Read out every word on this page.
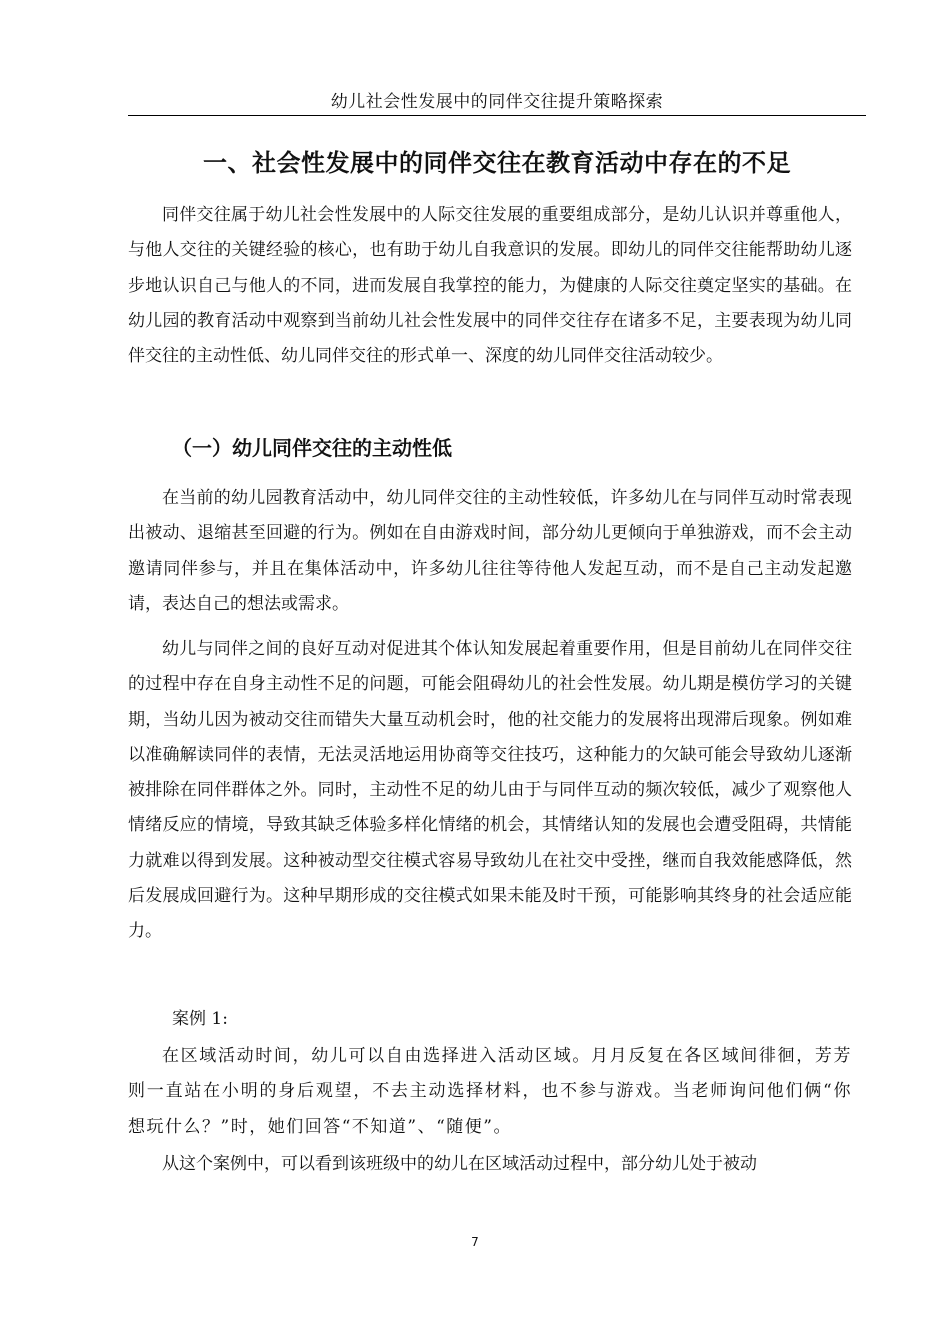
幼儿社会性发展中的同伴交往提升策略探索
一、社会性发展中的同伴交往在教育活动中存在的不足

同伴交往属于幼儿社会性发展中的人际交往发展的重要组成部分，是幼儿认识并尊重他人，与他人交往的关键经验的核心，也有助于幼儿自我意识的发展。即幼儿的同伴交往能帮助幼儿逐步地认识自己与他人的不同，进而发展自我掌控的能力，为健康的人际交往奠定坚实的基础。在幼儿园的教育活动中观察到当前幼儿社会性发展中的同伴交往存在诸多不足，主要表现为幼儿同伴交往的主动性低、幼儿同伴交往的形式单一、深度的幼儿同伴交往活动较少。

（一）幼儿同伴交往的主动性低

在当前的幼儿园教育活动中，幼儿同伴交往的主动性较低，许多幼儿在与同伴互动时常表现出被动、退缩甚至回避的行为。例如在自由游戏时间，部分幼儿更倾向于单独游戏，而不会主动邀请同伴参与，并且在集体活动中，许多幼儿往往等待他人发起互动，而不是自己主动发起邀请，表达自己的想法或需求。

幼儿与同伴之间的良好互动对促进其个体认知发展起着重要作用，但是目前幼儿在同伴交往的过程中存在自身主动性不足的问题，可能会阻碍幼儿的社会性发展。幼儿期是模仿学习的关键期，当幼儿因为被动交往而错失大量互动机会时，他的社交能力的发展将出现滞后现象。例如难以准确解读同伴的表情，无法灵活地运用协商等交往技巧，这种能力的欠缺可能会导致幼儿逐渐被排除在同伴群体之外。同时，主动性不足的幼儿由于与同伴互动的频次较低，减少了观察他人情绪反应的情境，导致其缺乏体验多样化情绪的机会，其情绪认知的发展也会遭受阻碍，共情能力就难以得到发展。这种被动型交往模式容易导致幼儿在社交中受挫，继而自我效能感降低，然后发展成回避行为。这种早期形成的交往模式如果未能及时干预，可能影响其终身的社会适应能力。

案例 1:

在区域活动时间，幼儿可以自由选择进入活动区域。月月反复在各区域间徘徊，芳芳则一直站在小明的身后观望，不去主动选择材料，也不参与游戏。当老师询问他们俩“你想玩什么？”时，她们回答“不知道”、“随便”。

从这个案例中，可以看到该班级中的幼儿在区域活动过程中，部分幼儿处于被动

7
